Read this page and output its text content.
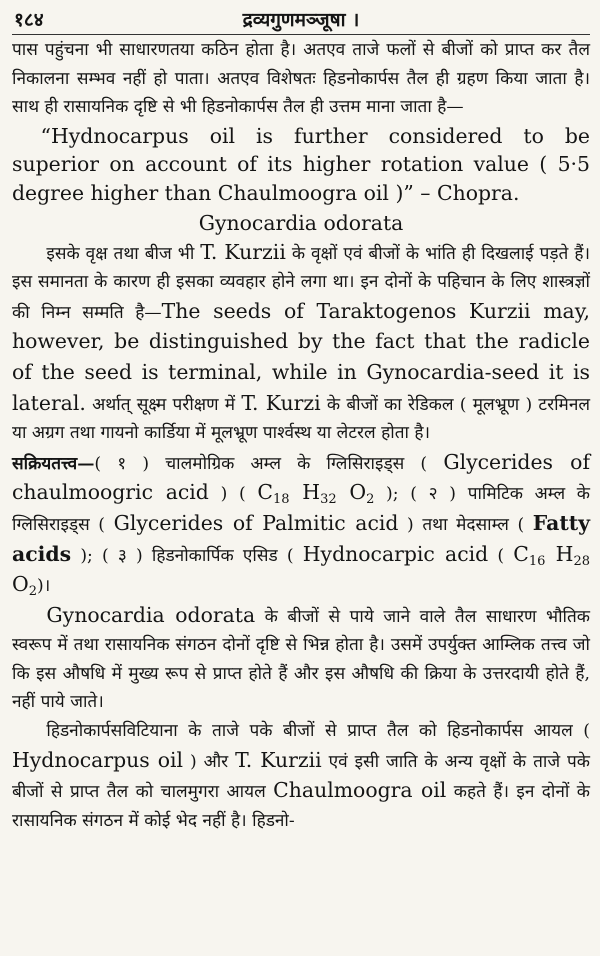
१८४	द्रव्यगुणमञ्जूषा ।

पास पहुंचना भी साधारणतया कठिन होता है। अतएव ताजे फलों से बीजों को प्राप्त कर तैल निकालना सम्भव नहीं हो पाता। अतएव विशेषतः हिडनोकार्पस तैल ही ग्रहण किया जाता है। साथ ही रासायनिक दृष्टि से भी हिडनोकार्पस तैल ही उत्तम माना जाता है—

“Hydnocarpus oil is further considered to be superior on account of its higher rotation value ( 5·5 degree higher than Chaulmoogra oil )” – Chopra.

Gynocardia odorata

इसके वृक्ष तथा बीज भी T. Kurzii के वृक्षों एवं बीजों के भांति ही दिखलाई पड़ते हैं। इस समानता के कारण ही इसका व्यवहार होने लगा था। इन दोनों के पहिचान के लिए शास्त्रज्ञों की निम्न सम्मति है—The seeds of Taraktogenos Kurzii may, however, be distinguished by the fact that the radicle of the seed is terminal, while in Gynocardia-seed it is lateral. अर्थात् सूक्ष्म परीक्षण में T. Kurzi के बीजों का रेडिकल ( मूलभ्रूण ) टरमिनल या अग्रग तथा गायनो कार्डिया में मूलभ्रूण पार्श्वस्थ या लेटरल होता है।

सक्रियतत्त्व—( १ ) चालमोग्रिक अम्ल के ग्लिसिराइड्स ( Glycerides of chaulmoogric acid ) ( $C_{18}$ $H_{32}$ $O_2$ ); ( २ ) पामिटिक अम्ल के ग्लिसिराइड्स ( Glycerides of Palmitic acid ) तथा मेदसाम्ल ( Fatty acids ); ( ३ ) हिडनोकार्पिक एसिड ( Hydnocarpic acid ( $C_{16}$ $H_{28}$ $O_2)।$

Gynocardia odorata के बीजों से पाये जाने वाले तैल साधारण भौतिक स्वरूप में तथा रासायनिक संगठन दोनों दृष्टि से भिन्न होता है। उसमें उपर्युक्त आम्लिक तत्त्व जो कि इस औषधि में मुख्य रूप से प्राप्त होते हैं और इस औषधि की क्रिया के उत्तरदायी होते हैं, नहीं पाये जाते।

हिडनोकार्पसविटियाना के ताजे पके बीजों से प्राप्त तैल को हिडनोकार्पस आयल ( Hydnocarpus oil ) और T. Kurzii एवं इसी जाति के अन्य वृक्षों के ताजे पके बीजों से प्राप्त तैल को चालमुगरा आयल Chaulmoogra oil कहते हैं। इन दोनों के रासायनिक संगठन में कोई भेद नहीं है। हिडनो-
